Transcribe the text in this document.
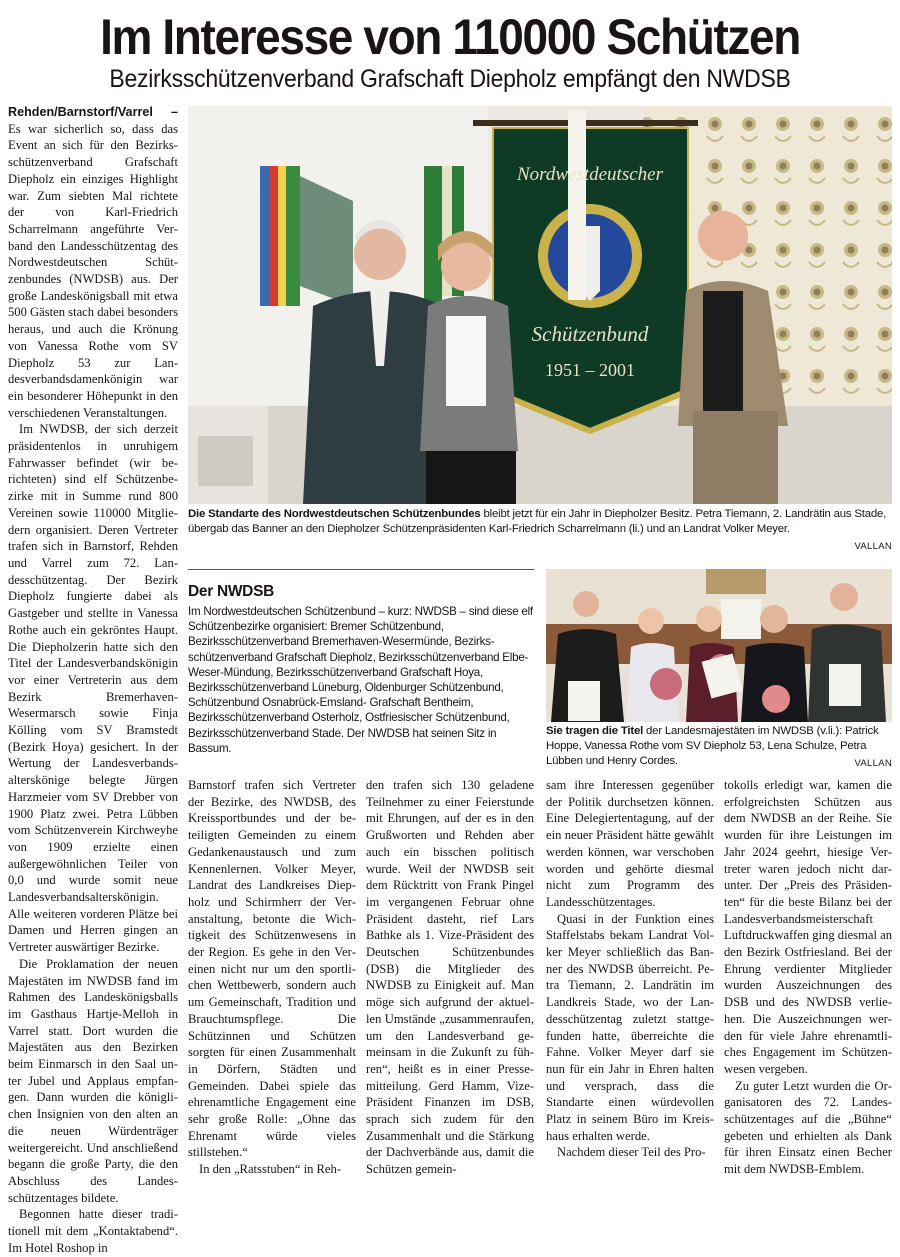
Im Interesse von 110000 Schützen
Bezirksschützenverband Grafschaft Diepholz empfängt den NWDSB

Rehden/Barnstorf/Varrel – Es war sicherlich so, dass das Event an sich für den Bezirksschützenverband Grafschaft Diepholz ein einziges Highlight war. Zum siebten Mal richtete der von Karl-Friedrich Scharrelmann angeführte Verband den Landesschützentag des Nordwestdeutschen Schützenbundes (NWDSB) aus. Der große Landeskönigsball mit etwa 500 Gästen stach dabei besonders heraus, und auch die Krönung von Vanessa Rothe vom SV Diepholz 53 zur Landesverbandsdamenkönigin war ein besonderer Höhepunkt in den verschiedenen Veranstaltungen.

Im NWDSB, der sich derzeit präsidentenlos in unruhigem Fahrwasser befindet (wir berichteten) sind elf Schützenbezirke mit in Summe rund 800 Vereinen sowie 110000 Mitgliedern organisiert. Deren Vertreter trafen sich in Barnstorf, Rehden und Varrel zum 72. Landesschützentag. Der Bezirk Diepholz fungierte dabei als Gastgeber und stellte in Vanessa Rothe auch ein gekröntes Haupt. Die Diepholzerin hatte sich den Titel der Landesverbandskönigin vor einer Vertreterin aus dem Bezirk Bremerhaven-Wesermarsch sowie Finja Kölling vom SV Bramstedt (Bezirk Hoya) gesichert. In der Wertung der Landesverbandsalterskönige belegte Jürgen Harzmeier vom SV Drebber von 1900 Platz zwei. Petra Lübben vom Schützenverein Kirchweyhe von 1909 erzielte einen außergewöhnlichen Teiler von 0,0 und wurde somit neue Landesverbandsalterskönigin. Alle weiteren vorderen Plätze bei Damen und Herren gingen an Vertreter auswärtiger Bezirke.

Die Proklamation der neuen Majestäten im NWDSB fand im Rahmen des Landeskönigsballs im Gasthaus Hartje-Melloh in Varrel statt. Dort wurden die Majestäten aus den Bezirken beim Einmarsch in den Saal unter Jubel und Applaus empfangen. Dann wurden die königlichen Insignien von den alten an die neuen Würdenträger weitergereicht. Und anschließend begann die große Party, die den Abschluss des Landesschützentages bildete.

Begonnen hatte dieser traditionell mit dem „Kontaktabend“. Im Hotel Roshop in

Nordwestdeutscher
Schützenbund
1951 – 2001
Die Standarte des Nordwestdeutschen Schützenbundes bleibt jetzt für ein Jahr in Diepholzer Besitz. Petra Tiemann, 2. Landrätin aus Stade, übergab das Banner an den Diepholzer Schützenpräsidenten Karl-Friedrich Scharrelmann (li.) und an Landrat Volker Meyer.
VALLAN
Der NWDSB
Im Nordwestdeutschen Schützenbund – kurz: NWDSB – sind diese elf Schützenbezirke organisiert: Bremer Schützenbund, Bezirksschützenverband Bremerhaven-Wesermünde, Bezirksschützenverband Grafschaft Diepholz, Bezirksschützenverband Elbe-Weser-Mündung, Bezirksschützenverband Grafschaft Hoya, Bezirksschützenverband Lüneburg, Oldenburger Schützenbund, Schützenbund Osnabrück-Emsland- Grafschaft Bentheim, Bezirksschützenverband Osterholz, Ostfriesischer Schützenbund, Bezirksschützenverband Stade. Der NWDSB hat seinen Sitz in Bassum.
Sie tragen die Titel der Landesmajestäten im NWDSB (v.li.): Patrick Hoppe, Vanessa Rothe vom SV Diepholz 53, Lena Schulze, Petra Lübben und Henry Cordes.	VALLAN

Barnstorf trafen sich Vertreter der Bezirke, des NWDSB, des Kreissportbundes und der beteiligten Gemeinden zu einem Gedankenaustausch und zum Kennenlernen. Volker Meyer, Landrat des Landkreises Diepholz und Schirmherr der Veranstaltung, betonte die Wichtigkeit des Schützenwesens in der Region. Es gehe in den Vereinen nicht nur um den sportlichen Wettbewerb, sondern auch um Gemeinschaft, Tradition und Brauchtumspflege. Die Schützinnen und Schützen sorgten für einen Zusammenhalt in Dörfern, Städten und Gemeinden. Dabei spiele das ehrenamtliche Engagement eine sehr große Rolle: „Ohne das Ehrenamt würde vieles stillstehen.“

In den „Ratsstuben“ in Reh-

den trafen sich 130 geladene Teilnehmer zu einer Feierstunde mit Ehrungen, auf der es in den Grußworten und Rehden aber auch ein bisschen politisch wurde. Weil der NWDSB seit dem Rücktritt von Frank Pingel im vergangenen Februar ohne Präsident dasteht, rief Lars Bathke als 1. Vize-Präsident des Deutschen Schützenbundes (DSB) die Mitglieder des NWDSB zu Einigkeit auf. Man möge sich aufgrund der aktuellen Umstände „zusammenraufen, um den Landesverband gemeinsam in die Zukunft zu führen“, heißt es in einer Pressemitteilung. Gerd Hamm, Vize-Präsident Finanzen im DSB, sprach sich zudem für den Zusammenhalt und die Stärkung der Dachverbände aus, damit die Schützen gemein-

sam ihre Interessen gegenüber der Politik durchsetzen können. Eine Delegiertentagung, auf der ein neuer Präsident hätte gewählt werden können, war verschoben worden und gehörte diesmal nicht zum Programm des Landesschützentages.

Quasi in der Funktion eines Staffelstabs bekam Landrat Volker Meyer schließlich das Banner des NWDSB überreicht. Petra Tiemann, 2. Landrätin im Landkreis Stade, wo der Landesschützentag zuletzt stattgefunden hatte, überreichte die Fahne. Volker Meyer darf sie nun für ein Jahr in Ehren halten und versprach, dass die Standarte einen würdevollen Platz in seinem Büro im Kreishaus erhalten werde.

Nachdem dieser Teil des Pro-

tokolls erledigt war, kamen die erfolgreichsten Schützen aus dem NWDSB an der Reihe. Sie wurden für ihre Leistungen im Jahr 2024 geehrt, hiesige Vertreter waren jedoch nicht darunter. Der „Preis des Präsidenten“ für die beste Bilanz bei der Landesverbandsmeisterschaft Luftdruckwaffen ging diesmal an den Bezirk Ostfriesland. Bei der Ehrung verdienter Mitglieder wurden Auszeichnungen des DSB und des NWDSB verliehen. Die Auszeichnungen werden für viele Jahre ehrenamtliches Engagement im Schützenwesen vergeben.

Zu guter Letzt wurden die Organisatoren des 72. Landesschützentages auf die „Bühne“ gebeten und erhielten als Dank für ihren Einsatz einen Becher mit dem NWDSB-Emblem.
